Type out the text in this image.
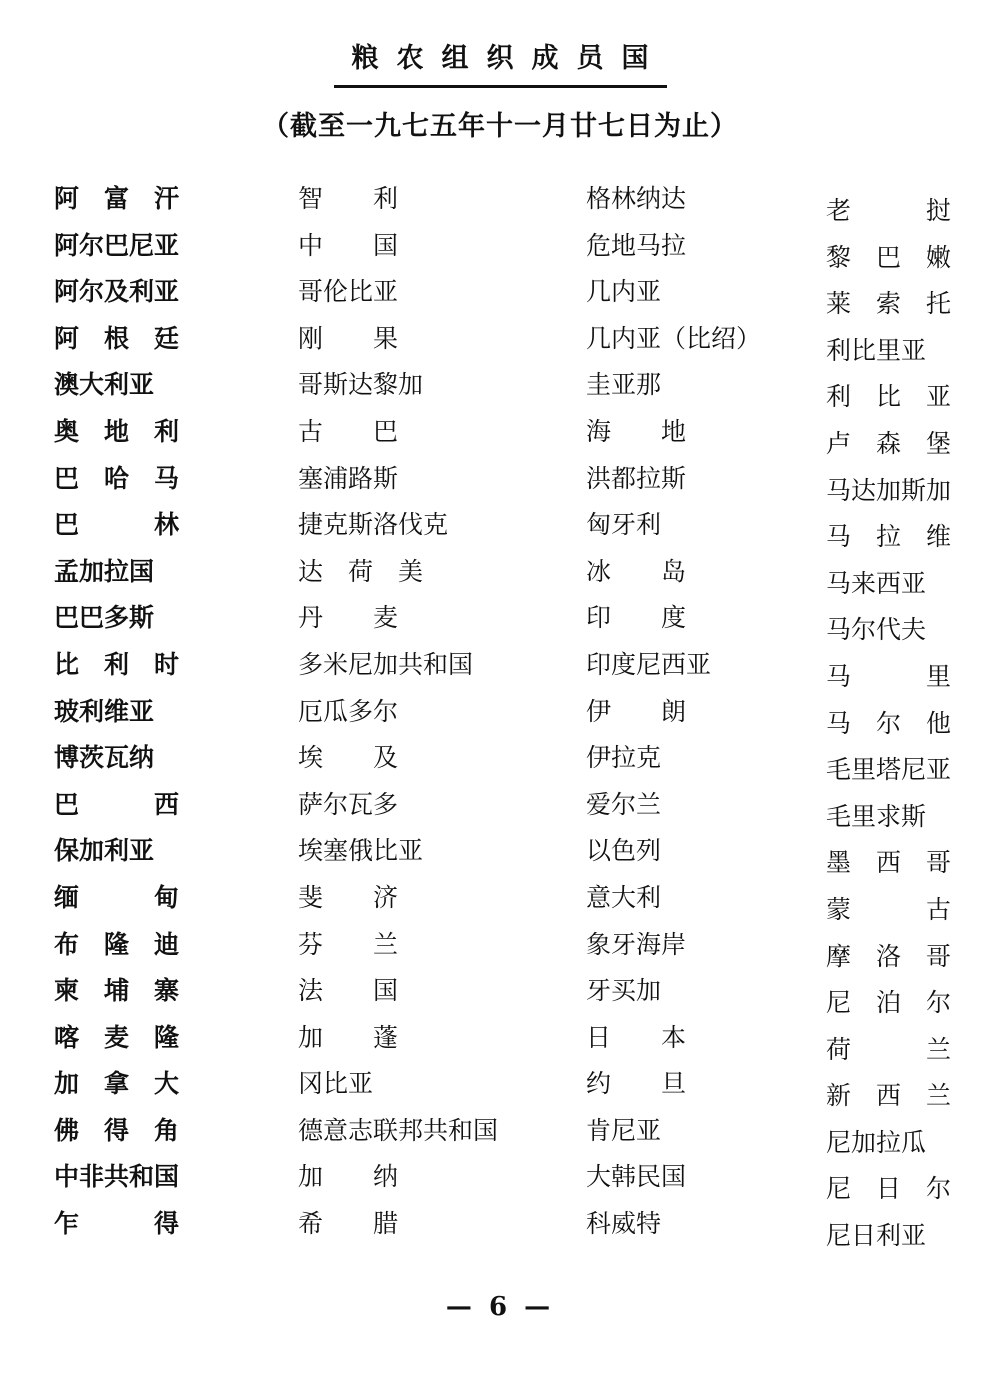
粮农组织成员国
（截至一九七五年十一月廿七日为止）
阿　富　汗
阿尔巴尼亚
阿尔及利亚
阿　根　廷
澳大利亚
奥　地　利
巴　哈　马
巴　　　林
孟加拉国
巴巴多斯
比　利　时
玻利维亚
博茨瓦纳
巴　　　西
保加利亚
缅　　　甸
布　隆　迪
柬　埔　寨
喀　麦　隆
加　拿　大
佛　得　角
中非共和国
乍　　　得
智　　利
中　　国
哥伦比亚
刚　　果
哥斯达黎加
古　　巴
塞浦路斯
捷克斯洛伐克
达　荷　美
丹　　麦
多米尼加共和国
厄瓜多尔
埃　　及
萨尔瓦多
埃塞俄比亚
斐　　济
芬　　兰
法　　国
加　　蓬
冈比亚
德意志联邦共和国
加　　纳
希　　腊
格林纳达
危地马拉
几内亚
几内亚（比绍）
圭亚那
海　　地
洪都拉斯
匈牙利
冰　　岛
印　　度
印度尼西亚
伊　　朗
伊拉克
爱尔兰
以色列
意大利
象牙海岸
牙买加
日　　本
约　　旦
肯尼亚
大韩民国
科威特
老　　　挝
黎　巴　嫩
莱　索　托
利比里亚
利　比　亚
卢　森　堡
马达加斯加
马　拉　维
马来西亚
马尔代夫
马　　　里
马　尔　他
毛里塔尼亚
毛里求斯
墨　西　哥
蒙　　　古
摩　洛　哥
尼　泊　尔
荷　　　兰
新　西　兰
尼加拉瓜
尼　日　尔
尼日利亚
— 6 —
